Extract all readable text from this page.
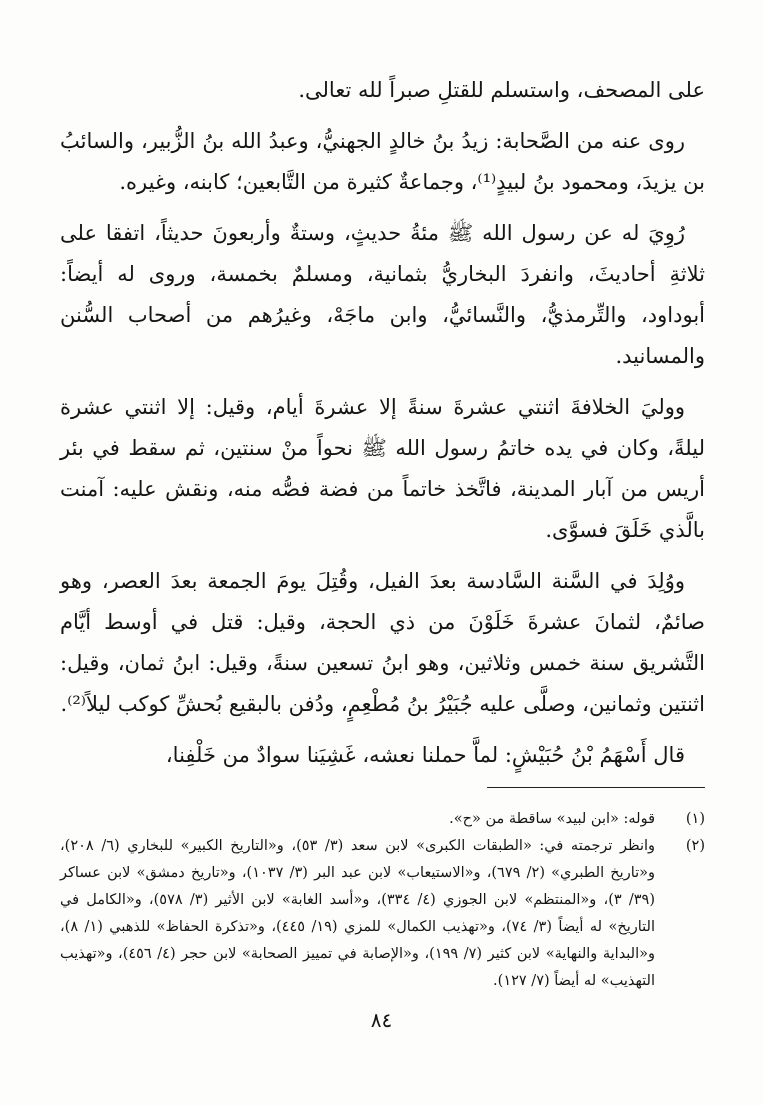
على المصحف، واستسلم للقتلِ صبراً لله تعالى.

روى عنه من الصَّحابة: زيدُ بنُ خالدٍ الجهنيُّ، وعبدُ الله بنُ الزُّبير، والسائبُ بن يزيدَ، ومحمود بنُ لبيدٍ⁽¹⁾، وجماعةٌ كثيرة من التَّابعين؛ كابنه، وغيره.

رُوِيَ له عن رسول الله ﷺ مئةُ حديثٍ، وستةٌ وأربعونَ حديثاً، اتفقا على ثلاثةِ أحاديثَ، وانفردَ البخاريُّ بثمانية، ومسلمٌ بخمسة، وروى له أيضاً: أبوداود، والتِّرمذيُّ، والنَّسائيُّ، وابن ماجَهْ، وغيرُهم من أصحاب السُّنن والمسانيد.

ووليَ الخلافةَ اثنتي عشرةَ سنةً إلا عشرةَ أيام، وقيل: إلا اثنتي عشرة ليلةً، وكان في يده خاتمُ رسول الله ﷺ نحواً منْ سنتين، ثم سقط في بئر أريس من آبار المدينة، فاتَّخذ خاتماً من فضة فصُّه منه، ونقش عليه: آمنت بالَّذي خَلَقَ فسوَّى.

ووُلِدَ في السَّنة السَّادسة بعدَ الفيل، وقُتِلَ يومَ الجمعة بعدَ العصر، وهو صائمٌ، لثمانَ عشرةَ خَلَوْنَ من ذي الحجة، وقيل: قتل في أوسط أيَّام التَّشريق سنة خمس وثلاثين، وهو ابنُ تسعين سنةً، وقيل: ابنُ ثمان، وقيل: اثنتين وثمانين، وصلَّى عليه جُبَيْرُ بنُ مُطْعِمٍ، ودُفن بالبقيع بُحشِّ كوكب ليلاً⁽²⁾.

قال أَسْهَمُ بْنُ حُبَيْشٍ: لماَّ حملنا نعشه، غَشِيَنا سوادٌ من خَلْفِنا،

(١)
قوله: «ابن لبيد» ساقطة من «ح».
(٢)
وانظر ترجمته في: «الطبقات الكبرى» لابن سعد (٣/ ٥٣)، و«التاريخ الكبير» للبخاري (٦/ ٢٠٨)، و«تاريخ الطبري» (٢/ ٦٧٩)، و«الاستيعاب» لابن عبد البر (٣/ ١٠٣٧)، و«تاريخ دمشق» لابن عساكر (٣٩/ ٣)، و«المنتظم» لابن الجوزي (٤/ ٣٣٤)، و«أسد الغابة» لابن الأثير (٣/ ٥٧٨)، و«الكامل في التاريخ» له أيضاً (٣/ ٧٤)، و«تهذيب الكمال» للمزي (١٩/ ٤٤٥)، و«تذكرة الحفاظ» للذهبي (١/ ٨)، و«البداية والنهاية» لابن كثير (٧/ ١٩٩)، و«الإصابة في تمييز الصحابة» لابن حجر (٤/ ٤٥٦)، و«تهذيب التهذيب» له أيضاً (٧/ ١٢٧).
٨٤
